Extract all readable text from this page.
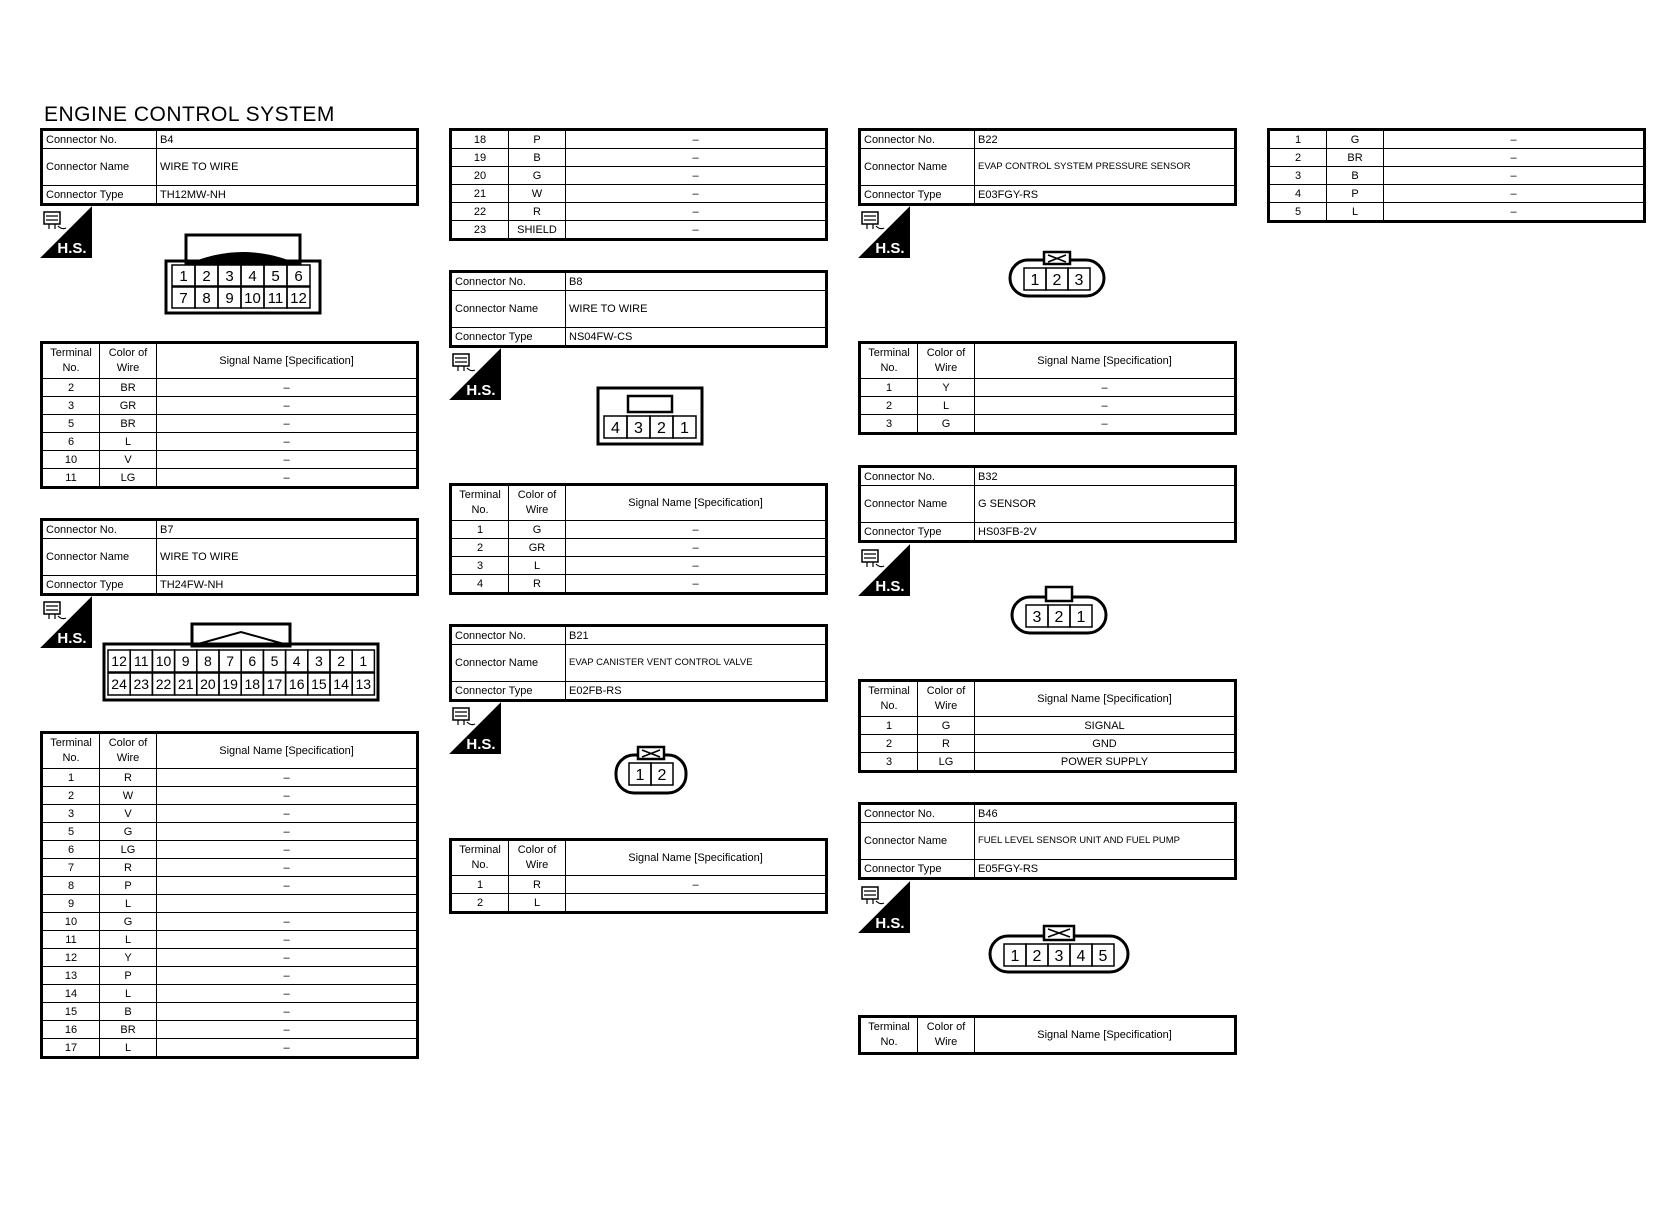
ENGINE CONTROL SYSTEM
Connector No.	B4
Connector Name	WIRE TO WIRE
Connector Type	TH12MW-NH
1 2 3 4 5 6
7 8 9 10 11 12
Terminal No.	Color of Wire	Signal Name [Specification]
2	BR	–
3	GR	–
5	BR	–
6	L	–
10	V	–
11	LG	–
Connector No.	B7
Connector Name	WIRE TO WIRE
Connector Type	TH24FW-NH
12 11 10 9 8 7 6 5 4 3 2 1
24 23 22 21 20 19 18 17 16 15 14 13
Terminal No.	Color of Wire	Signal Name [Specification]
1	R	–
2	W	–
3	V	–
5	G	–
6	LG	–
7	R	–
8	P	–
9	L	
10	G	–
11	L	–
12	Y	–
13	P	–
14	L	–
15	B	–
16	BR	–
17	L	–
18	P	–
19	B	–
20	G	–
21	W	–
22	R	–
23	SHIELD	–
Connector No.	B8
Connector Name	WIRE TO WIRE
Connector Type	NS04FW-CS
4 3 2 1
Terminal No.	Color of Wire	Signal Name [Specification]
1	G	–
2	GR	–
3	L	–
4	R	–
Connector No.	B21
Connector Name	EVAP CANISTER VENT CONTROL VALVE
Connector Type	E02FB-RS
1 2
Terminal No.	Color of Wire	Signal Name [Specification]
1	R	–
2	L	
Connector No.	B22
Connector Name	EVAP CONTROL SYSTEM PRESSURE SENSOR
Connector Type	E03FGY-RS
1 2 3
Terminal No.	Color of Wire	Signal Name [Specification]
1	Y	–
2	L	–
3	G	–
Connector No.	B32
Connector Name	G SENSOR
Connector Type	HS03FB-2V
3 2 1
Terminal No.	Color of Wire	Signal Name [Specification]
1	G	SIGNAL
2	R	GND
3	LG	POWER SUPPLY
Connector No.	B46
Connector Name	FUEL LEVEL SENSOR UNIT AND FUEL PUMP
Connector Type	E05FGY-RS
1 2 3 4 5
Terminal No.	Color of Wire	Signal Name [Specification]
1	G	–
2	BR	–
3	B	–
4	P	–
5	L	–
